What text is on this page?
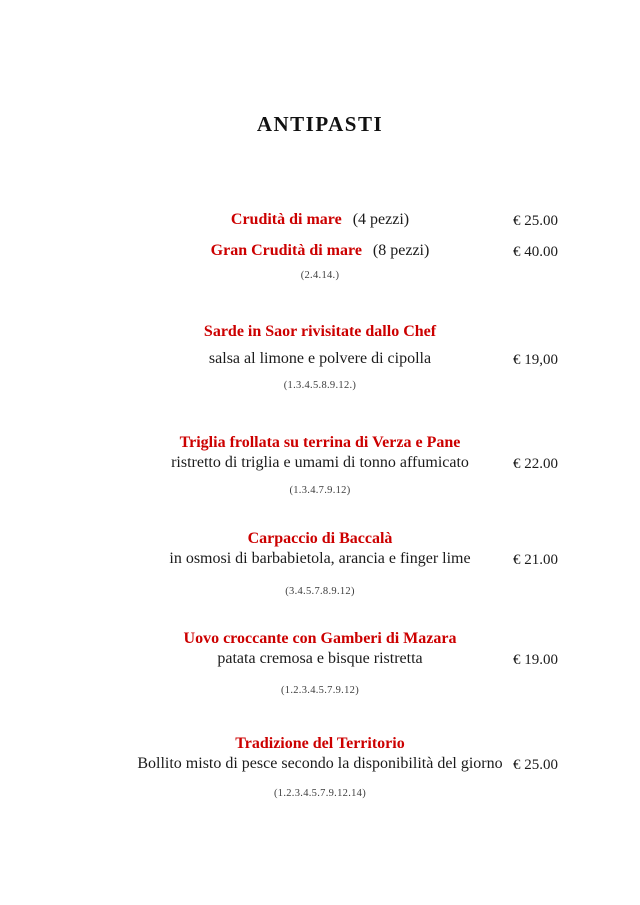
ANTIPASTI
Crudità di mare (4 pezzi)	€ 25.00
Gran Crudità di mare (8 pezzi)	€ 40.00
(2.4.14.)
Sarde in Saor rivisitate dallo Chef
salsa al limone e polvere di cipolla	€ 19,00
(1.3.4.5.8.9.12.)
Triglia frollata su terrina di Verza e Pane
ristretto di triglia e umami di tonno affumicato	€ 22.00
(1.3.4.7.9.12)
Carpaccio di Baccalà
in osmosi di barbabietola, arancia e finger lime	€ 21.00
(3.4.5.7.8.9.12)
Uovo croccante con Gamberi di Mazara
patata cremosa e bisque ristretta	€ 19.00
(1.2.3.4.5.7.9.12)
Tradizione del Territorio
Bollito misto di pesce secondo la disponibilità del giorno € 25.00
(1.2.3.4.5.7.9.12.14)
